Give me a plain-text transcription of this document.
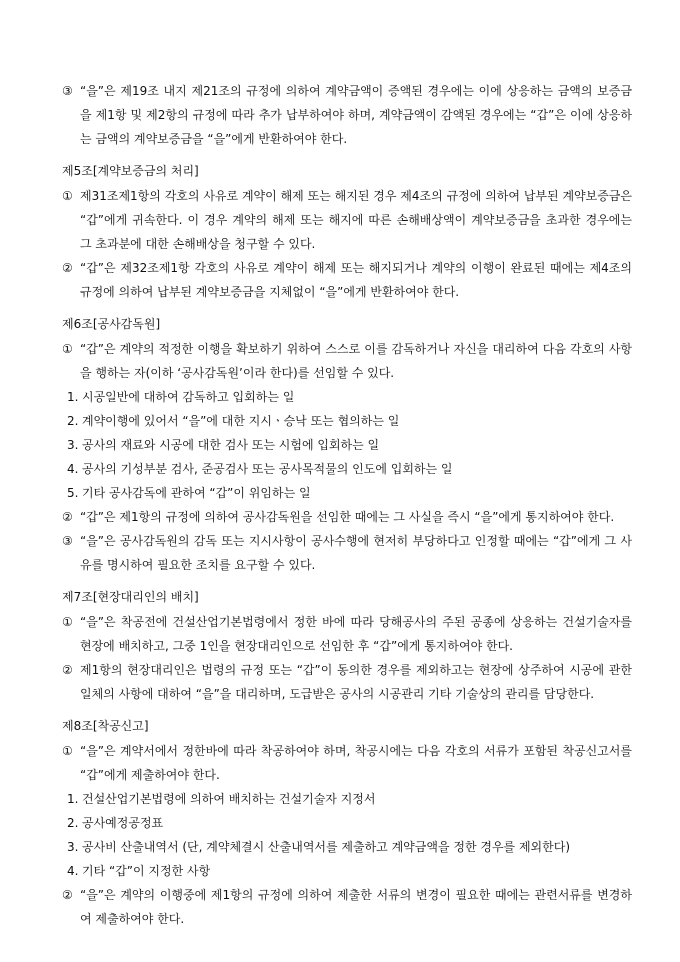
③ “을”은 제19조 내지 제21조의 규정에 의하여 계약금액이 증액된 경우에는 이에 상응하는 금액의 보증금을 제1항 및 제2항의 규정에 따라 추가 납부하여야 하며, 계약금액이 감액된 경우에는 “갑”은 이에 상응하는 금액의 계약보증금을 “을”에게 반환하여야 한다.
제5조[계약보증금의 처리]
① 제31조제1항의 각호의 사유로 계약이 해제 또는 해지된 경우 제4조의 규정에 의하여 납부된 계약보증금은 “갑”에게 귀속한다. 이 경우 계약의 해제 또는 해지에 따른 손해배상액이 계약보증금을 초과한 경우에는 그 초과분에 대한 손해배상을 청구할 수 있다.
② “갑”은 제32조제1항 각호의 사유로 계약이 해제 또는 해지되거나 계약의 이행이 완료된 때에는 제4조의 규정에 의하여 납부된 계약보증금을 지체없이 “을”에게 반환하여야 한다.
제6조[공사감독원]
① “갑”은 계약의 적정한 이행을 확보하기 위하여 스스로 이를 감독하거나 자신을 대리하여 다음 각호의 사항을 행하는 자(이하 ‘공사감독원’이라 한다)를 선임할 수 있다.
1. 시공일반에 대하여 감독하고 입회하는 일
2. 계약이행에 있어서 “을”에 대한 지시ㆍ승낙 또는 협의하는 일
3. 공사의 재료와 시공에 대한 검사 또는 시험에 입회하는 일
4. 공사의 기성부분 검사, 준공검사 또는 공사목적물의 인도에 입회하는 일
5. 기타 공사감독에 관하여 “갑”이 위임하는 일
② “갑”은 제1항의 규정에 의하여 공사감독원을 선임한 때에는 그 사실을 즉시 “을”에게 통지하여야 한다.
③ “을”은 공사감독원의 감독 또는 지시사항이 공사수행에 현저히 부당하다고 인정할 때에는 “갑”에게 그 사유를 명시하여 필요한 조치를 요구할 수 있다.
제7조[현장대리인의 배치]
① “을”은 착공전에 건설산업기본법령에서 정한 바에 따라 당해공사의 주된 공종에 상응하는 건설기술자를 현장에 배치하고, 그중 1인을 현장대리인으로 선임한 후 “갑”에게 통지하여야 한다.
② 제1항의 현장대리인은 법령의 규정 또는 “갑”이 동의한 경우를 제외하고는 현장에 상주하여 시공에 관한 일체의 사항에 대하여 “을”을 대리하며, 도급받은 공사의 시공관리 기타 기술상의 관리를 담당한다.
제8조[착공신고]
① “을”은 계약서에서 정한바에 따라 착공하여야 하며, 착공시에는 다음 각호의 서류가 포함된 착공신고서를 “갑”에게 제출하여야 한다.
1. 건설산업기본법령에 의하여 배치하는 건설기술자 지정서
2. 공사예정공정표
3. 공사비 산출내역서 (단, 계약체결시 산출내역서를 제출하고 계약금액을 정한 경우를 제외한다)
4. 기타 “갑”이 지정한 사항
② “을”은 계약의 이행중에 제1항의 규정에 의하여 제출한 서류의 변경이 필요한 때에는 관련서류를 변경하여 제출하여야 한다.
